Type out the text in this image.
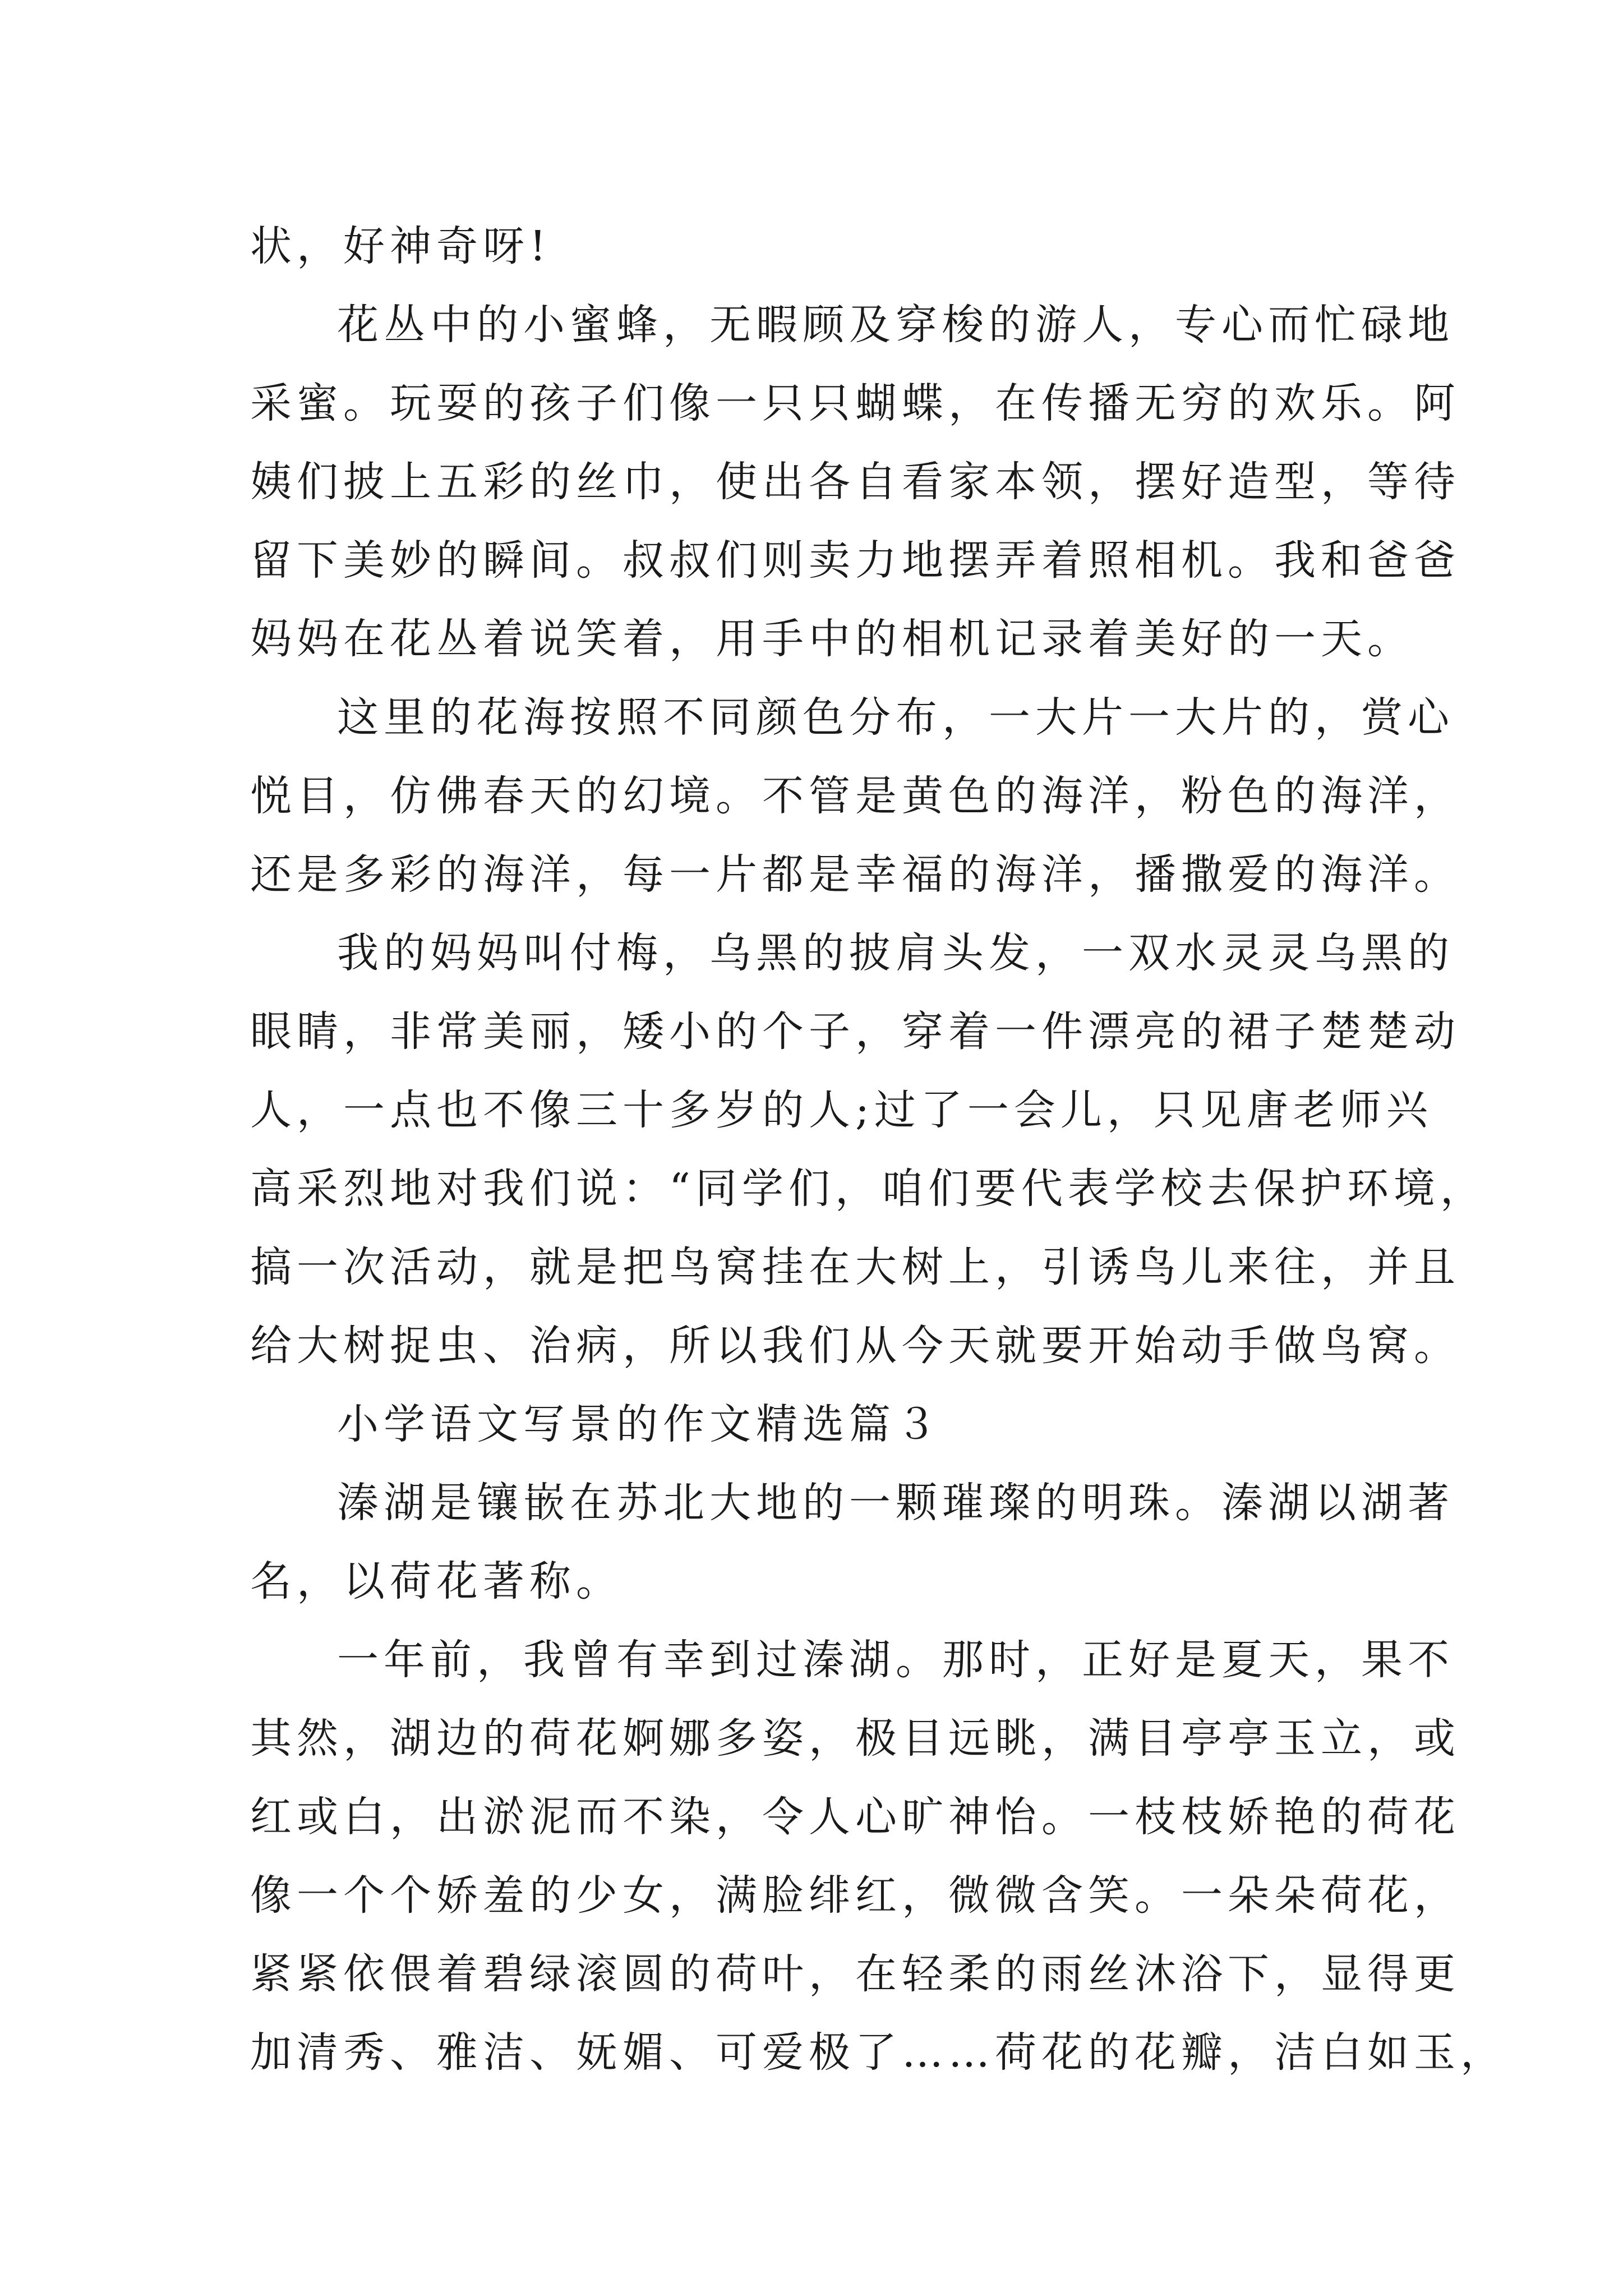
状，好神奇呀!
花丛中的小蜜蜂，无暇顾及穿梭的游人，专心而忙碌地
采蜜。玩耍的孩子们像一只只蝴蝶，在传播无穷的欢乐。阿
姨们披上五彩的丝巾，使出各自看家本领，摆好造型，等待
留下美妙的瞬间。叔叔们则卖力地摆弄着照相机。我和爸爸
妈妈在花丛着说笑着，用手中的相机记录着美好的一天。
这里的花海按照不同颜色分布，一大片一大片的，赏心
悦目，仿佛春天的幻境。不管是黄色的海洋，粉色的海洋，
还是多彩的海洋，每一片都是幸福的海洋，播撒爱的海洋。
我的妈妈叫付梅，乌黑的披肩头发，一双水灵灵乌黑的
眼睛，非常美丽，矮小的个子，穿着一件漂亮的裙子楚楚动
人，一点也不像三十多岁的人;过了一会儿，只见唐老师兴
高采烈地对我们说：“同学们，咱们要代表学校去保护环境，
搞一次活动，就是把鸟窝挂在大树上，引诱鸟儿来往，并且
给大树捉虫、治病，所以我们从今天就要开始动手做鸟窝。
小学语文写景的作文精选篇３
溱湖是镶嵌在苏北大地的一颗璀璨的明珠。溱湖以湖著
名，以荷花著称。
一年前，我曾有幸到过溱湖。那时，正好是夏天，果不
其然，湖边的荷花婀娜多姿，极目远眺，满目亭亭玉立，或
红或白，出淤泥而不染，令人心旷神怡。一枝枝娇艳的荷花
像一个个娇羞的少女，满脸绯红，微微含笑。一朵朵荷花，
紧紧依偎着碧绿滚圆的荷叶，在轻柔的雨丝沐浴下，显得更
加清秀、雅洁、妩媚、可爱极了……荷花的花瓣，洁白如玉，
